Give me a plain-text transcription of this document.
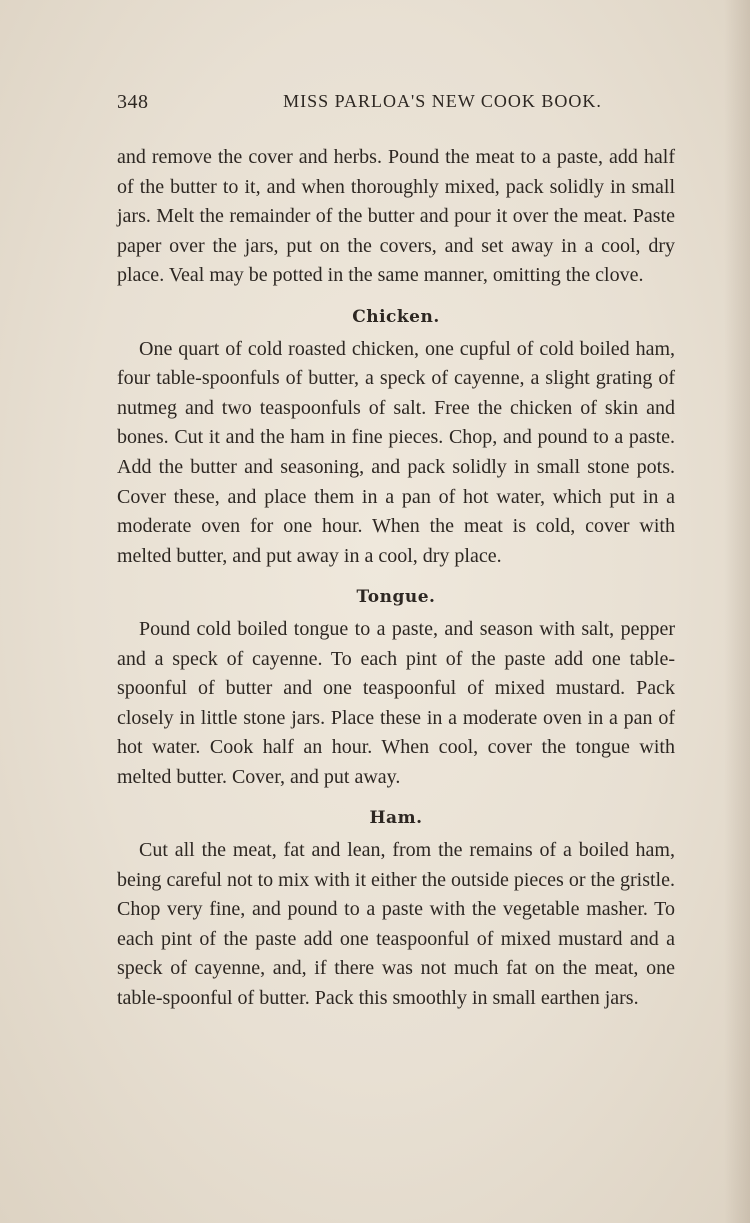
348	MISS PARLOA'S NEW COOK BOOK.

and remove the cover and herbs. Pound the meat to a paste, add half of the butter to it, and when thoroughly mixed, pack solidly in small jars. Melt the remainder of the butter and pour it over the meat. Paste paper over the jars, put on the covers, and set away in a cool, dry place. Veal may be potted in the same manner, omitting the clove.

Chicken.

One quart of cold roasted chicken, one cupful of cold boiled ham, four table-spoonfuls of butter, a speck of cayenne, a slight grating of nutmeg and two teaspoonfuls of salt. Free the chicken of skin and bones. Cut it and the ham in fine pieces. Chop, and pound to a paste. Add the butter and seasoning, and pack solidly in small stone pots. Cover these, and place them in a pan of hot water, which put in a moderate oven for one hour. When the meat is cold, cover with melted butter, and put away in a cool, dry place.

Tongue.

Pound cold boiled tongue to a paste, and season with salt, pepper and a speck of cayenne. To each pint of the paste add one table-spoonful of butter and one teaspoonful of mixed mustard. Pack closely in little stone jars. Place these in a moderate oven in a pan of hot water. Cook half an hour. When cool, cover the tongue with melted butter. Cover, and put away.

Ham.

Cut all the meat, fat and lean, from the remains of a boiled ham, being careful not to mix with it either the outside pieces or the gristle. Chop very fine, and pound to a paste with the vegetable masher. To each pint of the paste add one teaspoonful of mixed mustard and a speck of cayenne, and, if there was not much fat on the meat, one table-spoonful of butter. Pack this smoothly in small earthen jars.
